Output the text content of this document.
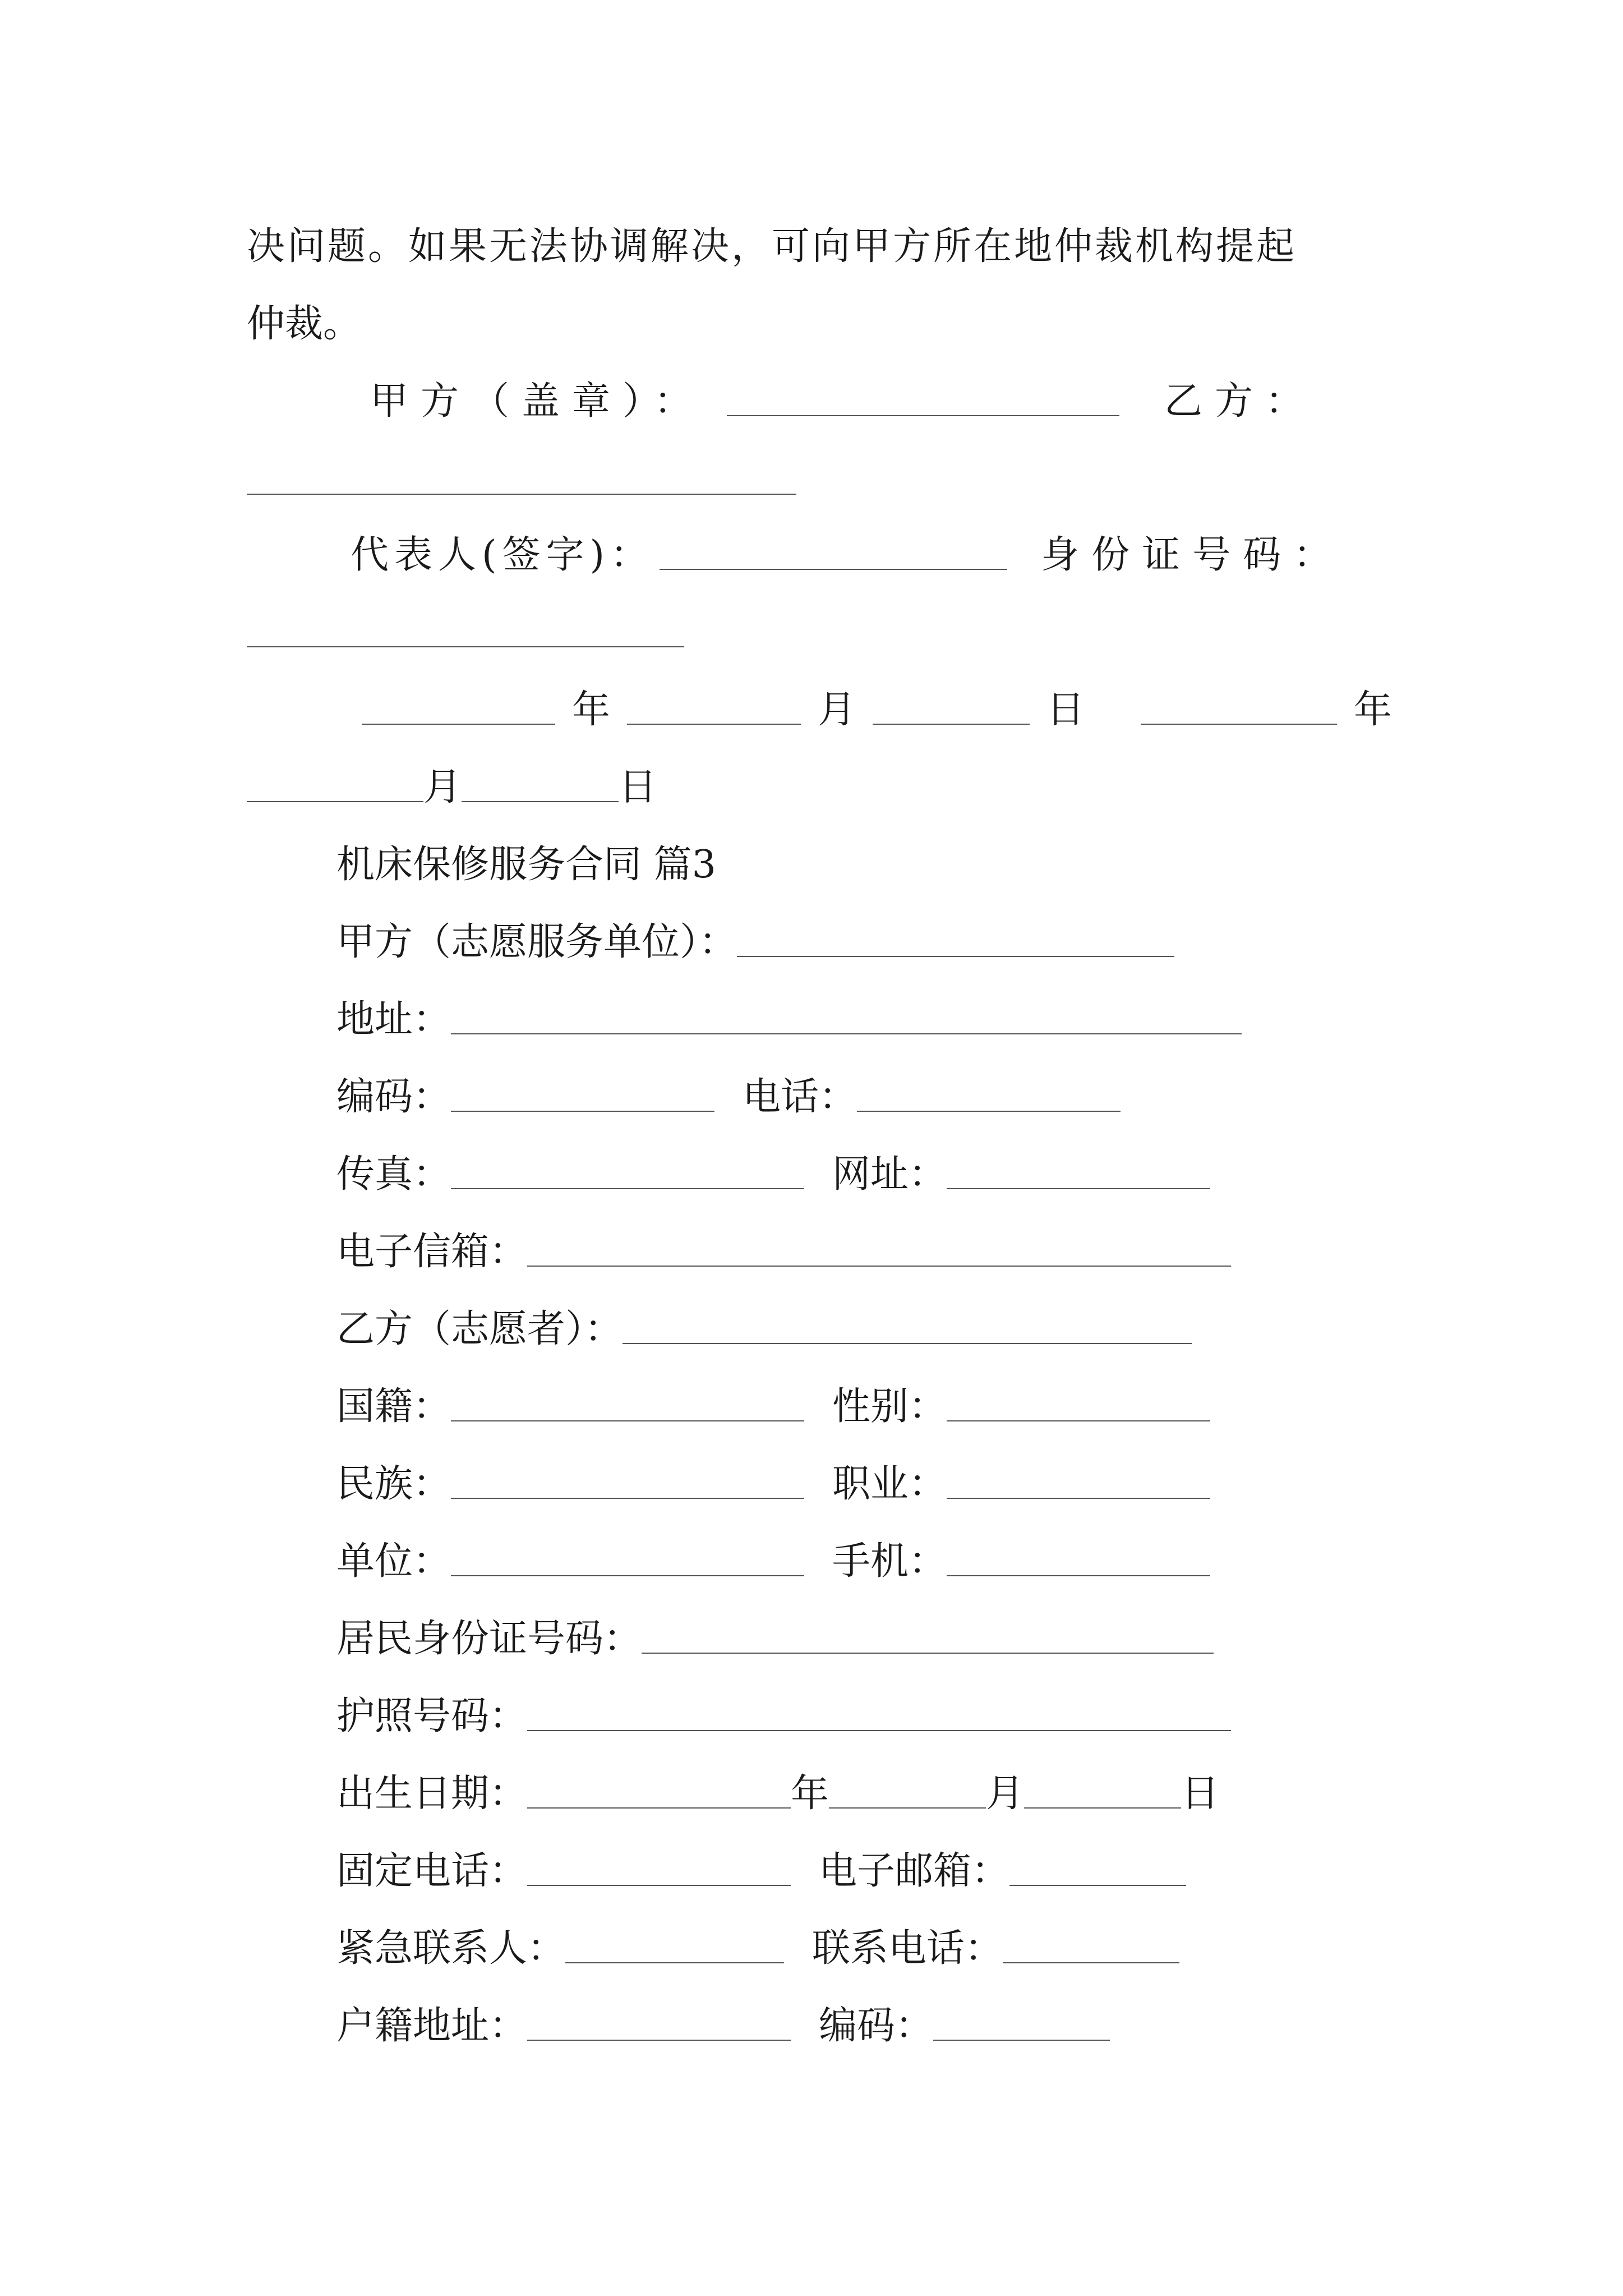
决问题。如果无法协调解决，可向甲方所在地仲裁机构提起
仲裁。
甲方（盖章）：	乙方：
代表人(签字)：	身份证号码：
年	月	日	年
月	日
机床保修服务合同 篇3
甲方（志愿服务单位）：
地址：
编码：	电话：
传真：	网址：
电子信箱：
乙方（志愿者）：
国籍：	性别：
民族：	职业：
单位：	手机：
居民身份证号码：
护照号码：
出生日期：	年	月	日
固定电话：	电子邮箱：
紧急联系人：	联系电话：
户籍地址：	编码：
